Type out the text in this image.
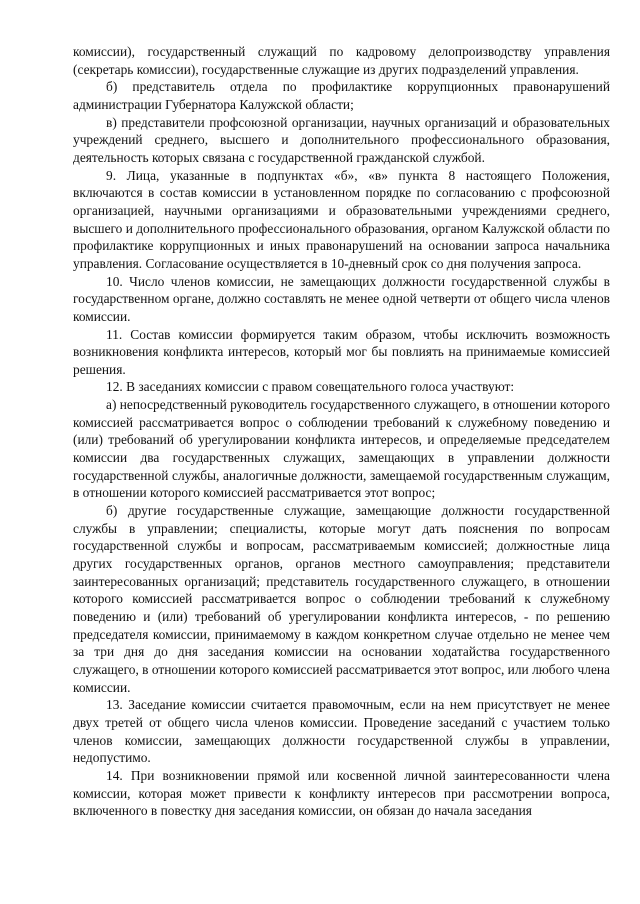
комиссии), государственный служащий по кадровому делопроизводству управления (секретарь комиссии), государственные служащие из других подразделений управления.

б) представитель отдела по профилактике коррупционных правонарушений администрации Губернатора Калужской области;

в) представители профсоюзной организации, научных организаций и образовательных учреждений среднего, высшего и дополнительного профессионального образования, деятельность которых связана с государственной гражданской службой.

9. Лица, указанные в подпунктах «б», «в» пункта 8 настоящего Положения, включаются в состав комиссии в установленном порядке по согласованию с профсоюзной организацией, научными организациями и образовательными учреждениями среднего, высшего и дополнительного профессионального образования, органом Калужской области по профилактике коррупционных и иных правонарушений на основании запроса начальника управления. Согласование осуществляется в 10-дневный срок со дня получения запроса.

10. Число членов комиссии, не замещающих должности государственной службы в государственном органе, должно составлять не менее одной четверти от общего числа членов комиссии.

11. Состав комиссии формируется таким образом, чтобы исключить возможность возникновения конфликта интересов, который мог бы повлиять на принимаемые комиссией решения.

12. В заседаниях комиссии с правом совещательного голоса участвуют:

а) непосредственный руководитель государственного служащего, в отношении которого комиссией рассматривается вопрос о соблюдении требований к служебному поведению и (или) требований об урегулировании конфликта интересов, и определяемые председателем комиссии два государственных служащих, замещающих в управлении должности государственной службы, аналогичные должности, замещаемой государственным служащим, в отношении которого комиссией рассматривается этот вопрос;

б) другие государственные служащие, замещающие должности государственной службы в управлении; специалисты, которые могут дать пояснения по вопросам государственной службы и вопросам, рассматриваемым комиссией; должностные лица других государственных органов, органов местного самоуправления; представители заинтересованных организаций; представитель государственного служащего, в отношении которого комиссией рассматривается вопрос о соблюдении требований к служебному поведению и (или) требований об урегулировании конфликта интересов, - по решению председателя комиссии, принимаемому в каждом конкретном случае отдельно не менее чем за три дня до дня заседания комиссии на основании ходатайства государственного служащего, в отношении которого комиссией рассматривается этот вопрос, или любого члена комиссии.

13. Заседание комиссии считается правомочным, если на нем присутствует не менее двух третей от общего числа членов комиссии. Проведение заседаний с участием только членов комиссии, замещающих должности государственной службы в управлении, недопустимо.

14. При возникновении прямой или косвенной личной заинтересованности члена комиссии, которая может привести к конфликту интересов при рассмотрении вопроса, включенного в повестку дня заседания комиссии, он обязан до начала заседания
